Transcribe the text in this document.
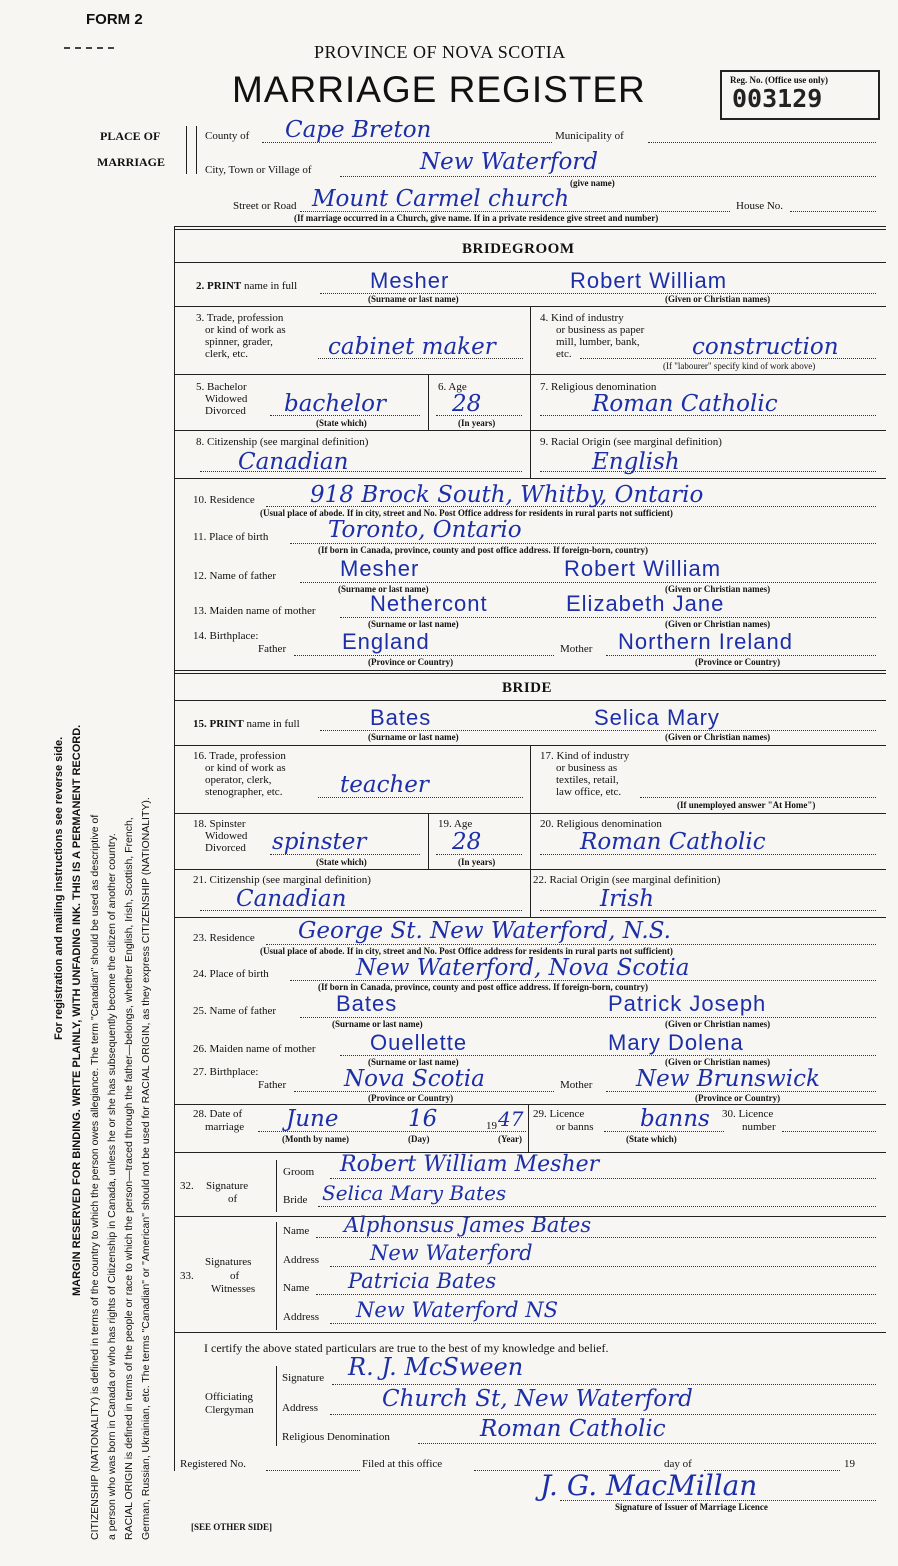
FORM 2
PROVINCE OF NOVA SCOTIA
MARRIAGE REGISTER	Reg. No. (Office use only)
003129
PLACE OF
MARRIAGE
County of Cape Breton	Municipality of
City, Town or Village of	New Waterford
(give name)
Street or Road Mount Carmel church	House No.
(If marriage occurred in a Church, give name. If in a private residence give street and number)
For registration and mailing instructions see reverse side. MARGIN RESERVED FOR BINDING. WRITE PLAINLY, WITH UNFADING INK. THIS IS A PERMANENT RECORD. CITIZENSHIP (NATIONALITY) is defined in terms of the country to which the person owes allegiance. The term "Canadian" should be used as descriptive of a person who was born in Canada or who has rights of Citizenship in Canada, unless he or she has subsequently become the citizen of another country. RACIAL ORIGIN is defined in terms of the people or race to which the person—traced through the father—belongs, whether English, Irish, Scottish, French, German, Russian, Ukrainian, etc. The terms "Canadian" or "American" should not be used for RACIAL ORIGIN, as they express CITIZENSHIP (NATIONALITY).
BRIDEGROOM
2. PRINT name in full	Mesher	Robert William
(Surname or last name)	(Given or Christian names)
3. Trade, profession
or kind of work as
spinner, grader,
clerk, etc.	cabinet maker
4. Kind of industry
or business as paper
mill, lumber, bank,
etc.	construction
(If "labourer" specify kind of work above)
5. Bachelor
Widowed
Divorced bachelor
(State which)
6. Age
28
(In years)
7. Religious denomination
Roman Catholic
8. Citizenship (see marginal definition)
Canadian
9. Racial Origin (see marginal definition)
English
10. Residence 918 Brock South, Whitby, Ontario
(Usual place of abode. If in city, street and No. Post Office address for residents in rural parts not sufficient)
11. Place of birth	Toronto, Ontario
(If born in Canada, province, county and post office address. If foreign-born, country)
12. Name of father	Mesher	Robert William
(Surname or last name)	(Given or Christian names)
13. Maiden name of mother Nethercont	Elizabeth Jane
(Surname or last name)	(Given or Christian names)
14. Birthplace:
Father	England
(Province or Country)
Mother Northern Ireland
(Province or Country)
BRIDE
15. PRINT name in full	Bates	Selica Mary
(Surname or last name)	(Given or Christian names)
16. Trade, profession
or kind of work as
operator, clerk,
stenographer, etc.	teacher
17. Kind of industry
or business as
textiles, retail,
law office, etc.
(If unemployed answer "At Home")
18. Spinster
Widowed
Divorced spinster
(State which)
19. Age
28
(In years)
20. Religious denomination
Roman Catholic
21. Citizenship (see marginal definition)
Canadian
22. Racial Origin (see marginal definition)
Irish
23. Residence George St. New Waterford, N.S.
(Usual place of abode. If in city, street and No. Post Office address for residents in rural parts not sufficient)
24. Place of birth	New Waterford, Nova Scotia
(If born in Canada, province, county and post office address. If foreign-born, country)
25. Name of father	Bates	Patrick Joseph
(Surname or last name)	(Given or Christian names)
26. Maiden name of mother Ouellette	Mary Dolena
(Surname or last name)	(Given or Christian names)
27. Birthplace:
Father	Nova Scotia
(Province or Country)
Mother New Brunswick
(Province or Country)
28. Date of
marriage June	16	19 47
(Month by name)	(Day)	(Year)
29. Licence
or banns banns
(State which)
30. Licence
number
32. Signature
of
Groom Robert William Mesher
Bride Selica Mary Bates
Signatures
33.	of
Witnesses
Name Alphonsus James Bates
Address New Waterford
Name Patricia Bates
Address New Waterford NS
I certify the above stated particulars are true to the best of my knowledge and belief.
Officiating
Clergyman
Signature R. J. McSween
Address	Church St, New Waterford
Religious Denomination	Roman Catholic
Registered No.	Filed at this office	day of	19
J. G. MacMillan
Signature of Issuer of Marriage Licence
[SEE OTHER SIDE]
